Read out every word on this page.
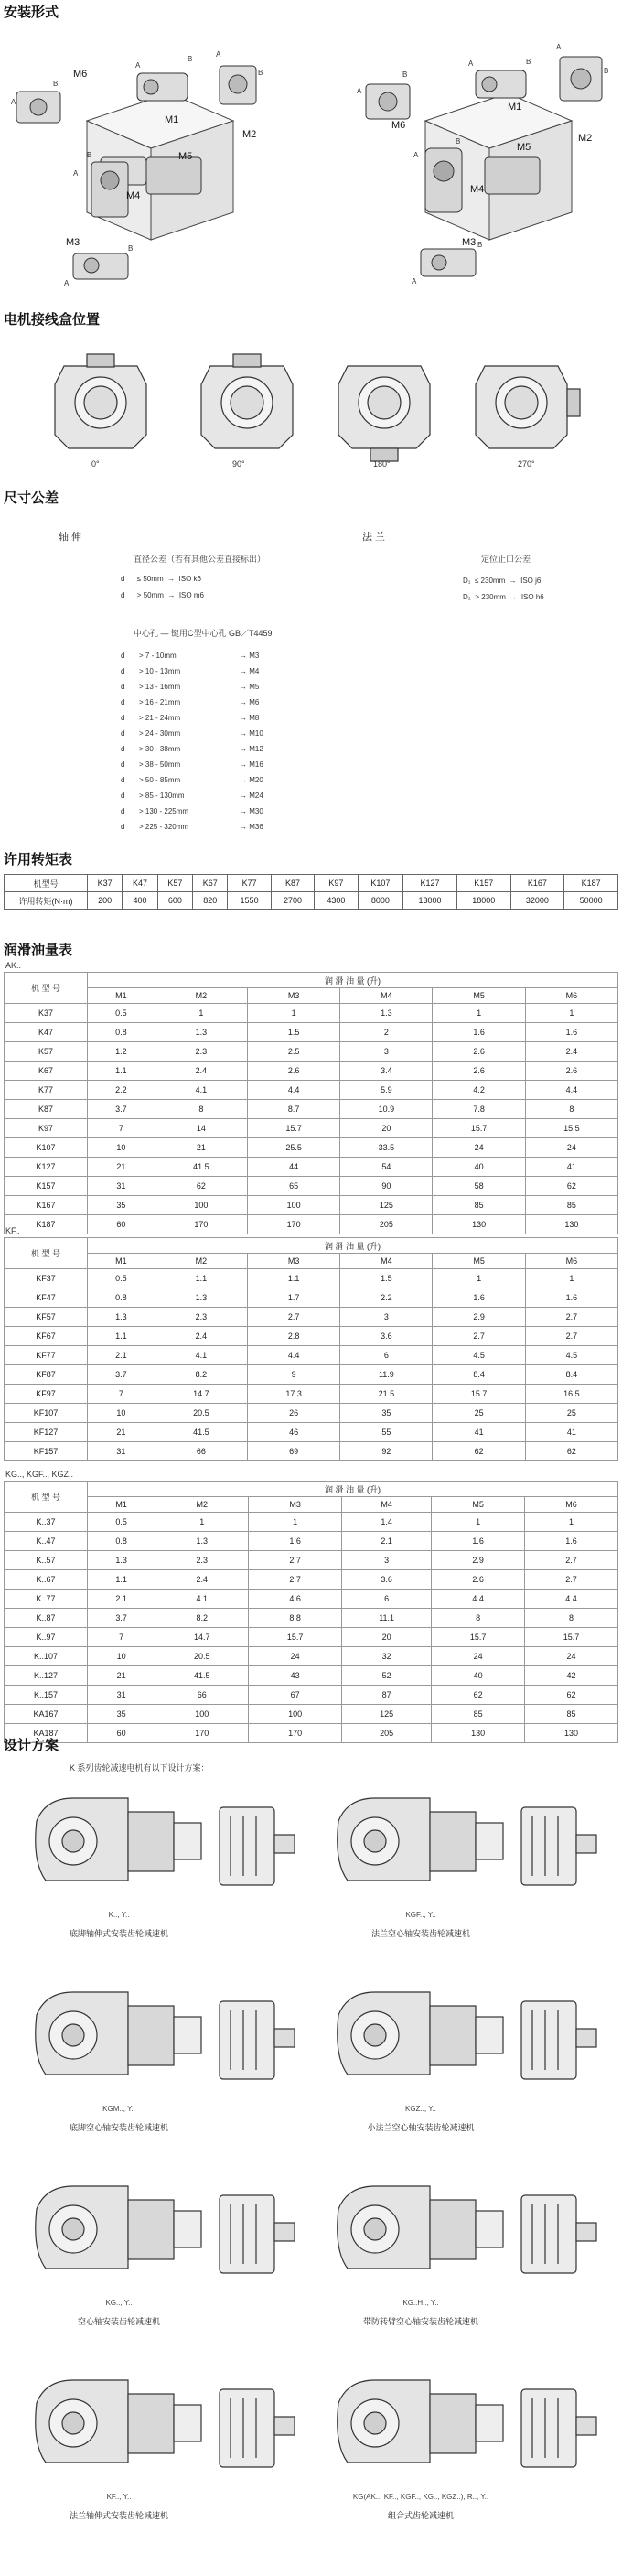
安装形式
M6
M1
M2
M5
M4
M3
M6
M1
M2
M5
M4
M3
A
B
A
B
A
B
A
B
A
B
A
B
A	B
A
B
A
B
A
B
电机接线盒位置
0°	90°	180°	270°
尺寸公差
轴 伸	法 兰
直径公差（若有其他公差直接标出）	定位止口公差
d ≤ 50mm  →  ISO k6
d > 50mm  →  ISO m6
D₁ ≤ 230mm  →  ISO j6
D₂ > 230mm  →  ISO h6
中心孔 — 键用C型中心孔 GB／T4459
d > 7 - 10mm	→ M3
d > 10 - 13mm	→ M4
d > 13 - 16mm	→ M5
d > 16 - 21mm	→ M6
d > 21 - 24mm	→ M8
d > 24 - 30mm	→ M10
d > 30 - 38mm	→ M12
d > 38 - 50mm	→ M16
d > 50 - 85mm	→ M20
d > 85 - 130mm	→ M24
d > 130 - 225mm	→ M30
d > 225 - 320mm	→ M36
许用转矩表
机型号	K37	K47	K57	K67	K77	K87	K97	K107	K127	K157	K167	K187
许用转矩(N·m)	200	400	600	820	1550	2700	4300	8000	13000	18000	32000	50000
润滑油量表
AK..
机 型 号	润 滑 油 量 (升)					
	M1	M2	M3	M4	M5	M6
K37	0.5	1	1	1.3	1	1
K47	0.8	1.3	1.5	2	1.6	1.6
K57	1.2	2.3	2.5	3	2.6	2.4
K67	1.1	2.4	2.6	3.4	2.6	2.6
K77	2.2	4.1	4.4	5.9	4.2	4.4
K87	3.7	8	8.7	10.9	7.8	8
K97	7	14	15.7	20	15.7	15.5
K107	10	21	25.5	33.5	24	24
K127	21	41.5	44	54	40	41
K157	31	62	65	90	58	62
K167	35	100	100	125	85	85
K187	60	170	170	205	130	130
KF..
机 型 号	润 滑 油 量 (升)					
	M1	M2	M3	M4	M5	M6
KF37	0.5	1.1	1.1	1.5	1	1
KF47	0.8	1.3	1.7	2.2	1.6	1.6
KF57	1.3	2.3	2.7	3	2.9	2.7
KF67	1.1	2.4	2.8	3.6	2.7	2.7
KF77	2.1	4.1	4.4	6	4.5	4.5
KF87	3.7	8.2	9	11.9	8.4	8.4
KF97	7	14.7	17.3	21.5	15.7	16.5
KF107	10	20.5	26	35	25	25
KF127	21	41.5	46	55	41	41
KF157	31	66	69	92	62	62
KG.., KGF.., KGZ..
机 型 号	润 滑 油 量 (升)					
	M1	M2	M3	M4	M5	M6
K..37	0.5	1	1	1.4	1	1
K..47	0.8	1.3	1.6	2.1	1.6	1.6
K..57	1.3	2.3	2.7	3	2.9	2.7
K..67	1.1	2.4	2.7	3.6	2.6	2.7
K..77	2.1	4.1	4.6	6	4.4	4.4
K..87	3.7	8.2	8.8	11.1	8	8
K..97	7	14.7	15.7	20	15.7	15.7
K..107	10	20.5	24	32	24	24
K..127	21	41.5	43	52	40	42
K..157	31	66	67	87	62	62
KA167	35	100	100	125	85	85
KA187	60	170	170	205	130	130
设计方案
K 系列齿轮减速电机有以下设计方案：
K.., Y..
底脚轴伸式安装齿轮减速机
KGF.., Y..
法兰空心轴安装齿轮减速机
KGM.., Y..
底脚空心轴安装齿轮减速机
KGZ.., Y..
小法兰空心轴安装齿轮减速机
KG.., Y..
空心轴安装齿轮减速机
KG..H.., Y..
带防转臂空心轴安装齿轮减速机
KF.., Y..
法兰轴伸式安装齿轮减速机
KG(AK.., KF.., KGF.., KG.., KGZ..), R.., Y..
组合式齿轮减速机
